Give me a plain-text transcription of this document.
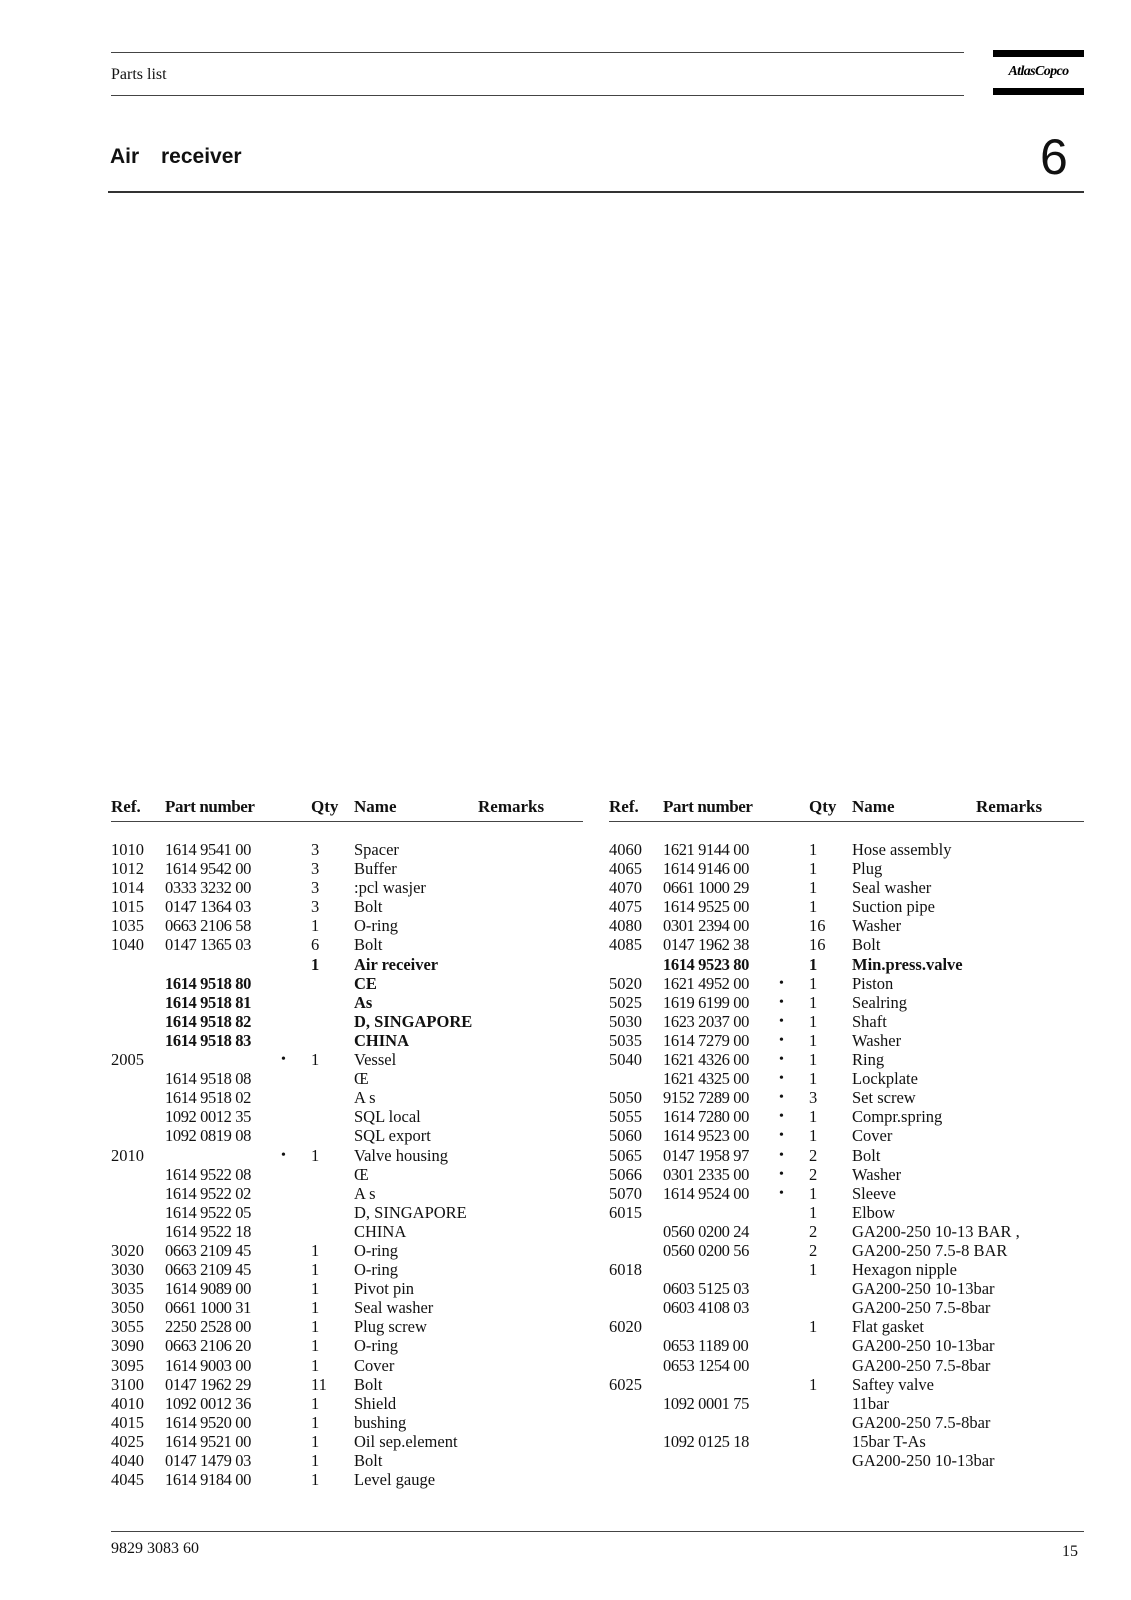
Parts list	AtlasCopco
Air receiver	6
Ref. Part number	Qty Name	Remarks
1010 1614 9541 00	3 Spacer
1012 1614 9542 00	3 Buffer
1014 0333 3232 00	3 :pcl wasjer
1015 0147 1364 03	3 Bolt
1035 0663 2106 58	1 O-ring
1040 0147 1365 03	6 Bolt
1 Air receiver
1614 9518 80	CE
1614 9518 81	As
1614 9518 82	D, SINGAPORE
1614 9518 83	CHINA
2005	• 1 Vessel
1614 9518 08	Œ
1614 9518 02	A s
1092 0012 35	SQL local
1092 0819 08	SQL export
2010	• 1 Valve housing
1614 9522 08	Œ
1614 9522 02	A s
1614 9522 05	D, SINGAPORE
1614 9522 18	CHINA
3020 0663 2109 45	1 O-ring
3030 0663 2109 45	1 O-ring
3035 1614 9089 00	1 Pivot pin
3050 0661 1000 31	1 Seal washer
3055 2250 2528 00	1 Plug screw
3090 0663 2106 20	1 O-ring
3095 1614 9003 00	1 Cover
3100 0147 1962 29	11 Bolt
4010 1092 0012 36	1 Shield
4015 1614 9520 00	1 bushing
4025 1614 9521 00	1 Oil sep.element
4040 0147 1479 03	1 Bolt
4045 1614 9184 00	1 Level gauge
Ref. Part number	Qty Name	Remarks
4060 1621 9144 00	1 Hose assembly
4065 1614 9146 00	1 Plug
4070 0661 1000 29	1 Seal washer
4075 1614 9525 00	1 Suction pipe
4080 0301 2394 00	16 Washer
4085 0147 1962 38	16 Bolt
1614 9523 80	1 Min.press.valve
5020 1621 4952 00 • 1 Piston
5025 1619 6199 00 • 1 Sealring
5030 1623 2037 00 • 1 Shaft
5035 1614 7279 00 • 1 Washer
5040 1621 4326 00 • 1 Ring
1621 4325 00 • 1 Lockplate
5050 9152 7289 00 • 3 Set screw
5055 1614 7280 00 • 1 Compr.spring
5060 1614 9523 00 • 1 Cover
5065 0147 1958 97 • 2 Bolt
5066 0301 2335 00 • 2 Washer
5070 1614 9524 00 • 1 Sleeve
6015	1 Elbow
0560 0200 24	2 GA200-250 10-13 BAR ,
0560 0200 56	2 GA200-250 7.5-8 BAR
6018	1 Hexagon nipple
0603 5125 03	GA200-250 10-13bar
0603 4108 03	GA200-250 7.5-8bar
6020	1 Flat gasket
0653 1189 00	GA200-250 10-13bar
0653 1254 00	GA200-250 7.5-8bar
6025	1 Saftey valve
1092 0001 75	11bar
GA200-250 7.5-8bar
1092 0125 18	15bar T-As
GA200-250 10-13bar
9829 3083 60	15
